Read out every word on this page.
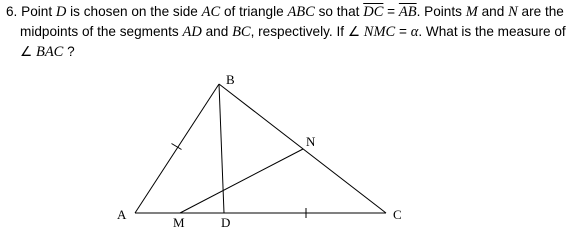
6. Point D is chosen on the side AC of triangle ABC so that $\overline{DC} = \overline{AB}$. Points M and N are the
midpoints of the segments AD and BC, respectively. If ∠ NMC = α. What is the measure of
∠ BAC ?
A
B
C
D
M
N
